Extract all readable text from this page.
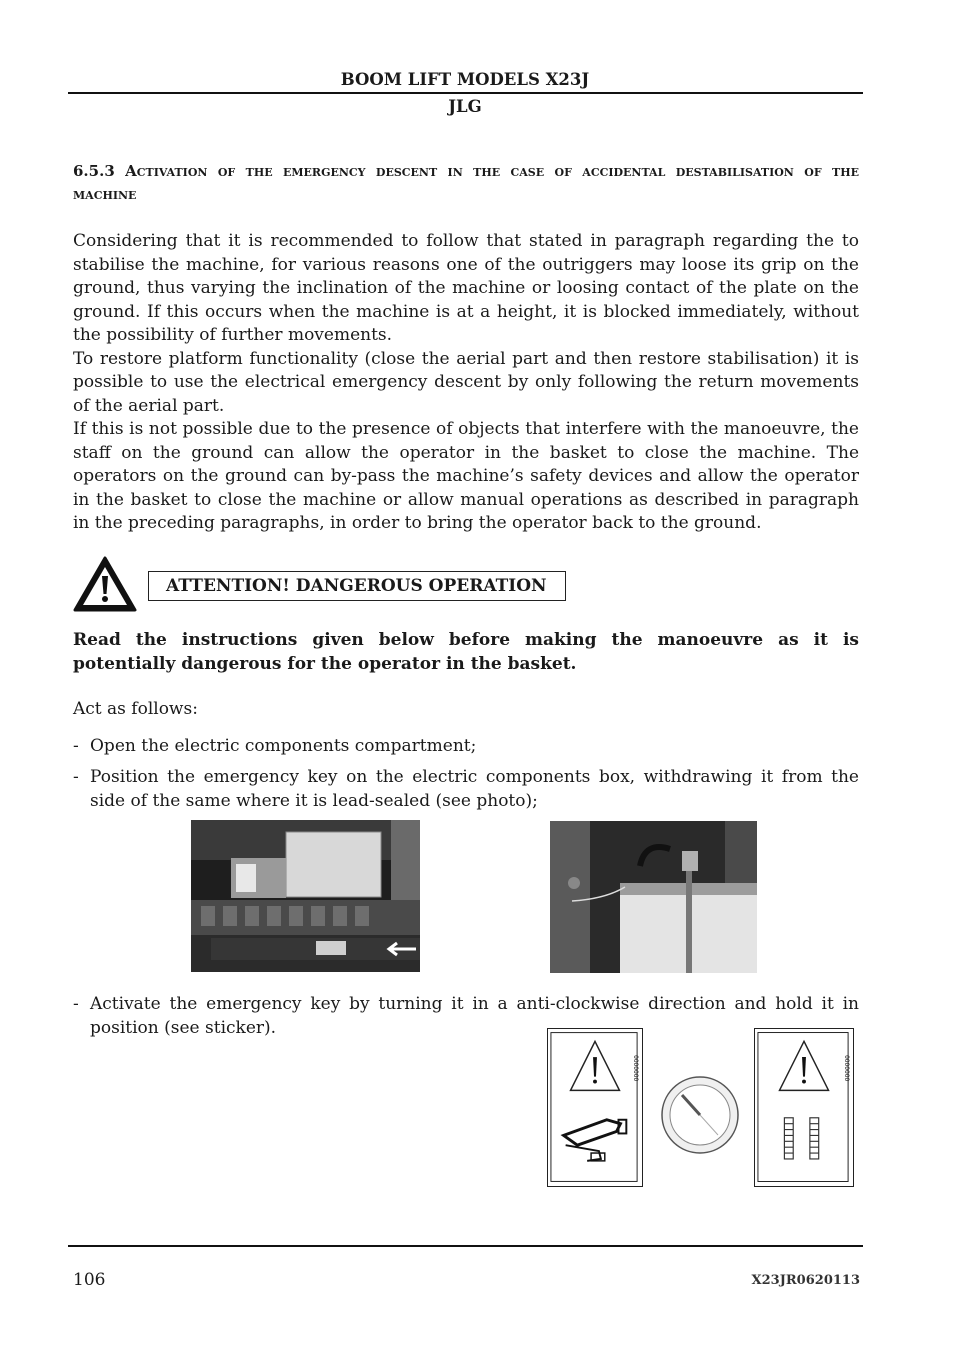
BOOM LIFT MODELS X23J
JLG
6.5.3 Activation of the emergency descent in the case of accidental destabilisation of the machine

Considering that it is recommended to follow that stated in paragraph regarding the to stabilise the machine, for various reasons one of the outriggers may loose its grip on the ground, thus varying the inclination of the machine or loosing contact of the plate on the ground. If this occurs when the machine is at a height, it is blocked immediately, without the possibility of further movements.

To restore platform functionality (close the aerial part and then restore stabilisation) it is possible to use the electrical emergency descent by only following the return movements of the aerial part.

If this is not possible due to the presence of objects that interfere with the manoeuvre, the staff on the ground can allow the operator in the basket to close the machine. The operators on the ground can by-pass the machine’s safety devices and allow the operator in the basket to close the machine or allow manual operations as described in paragraph in the preceding paragraphs, in order to bring the operator back to the ground.

ATTENTION! DANGEROUS OPERATION
Read the instructions given below before making the manoeuvre as it is potentially dangerous for the operator in the basket.
Act as follows:
- Open the electric components compartment;
- Position the emergency key on the electric components box, withdrawing it from the side of the same where it is lead-sealed (see photo);
- Activate the emergency key by turning it in a anti-clockwise direction and hold it in position (see sticker).
0000000	0000000
106	X23JR0620113
